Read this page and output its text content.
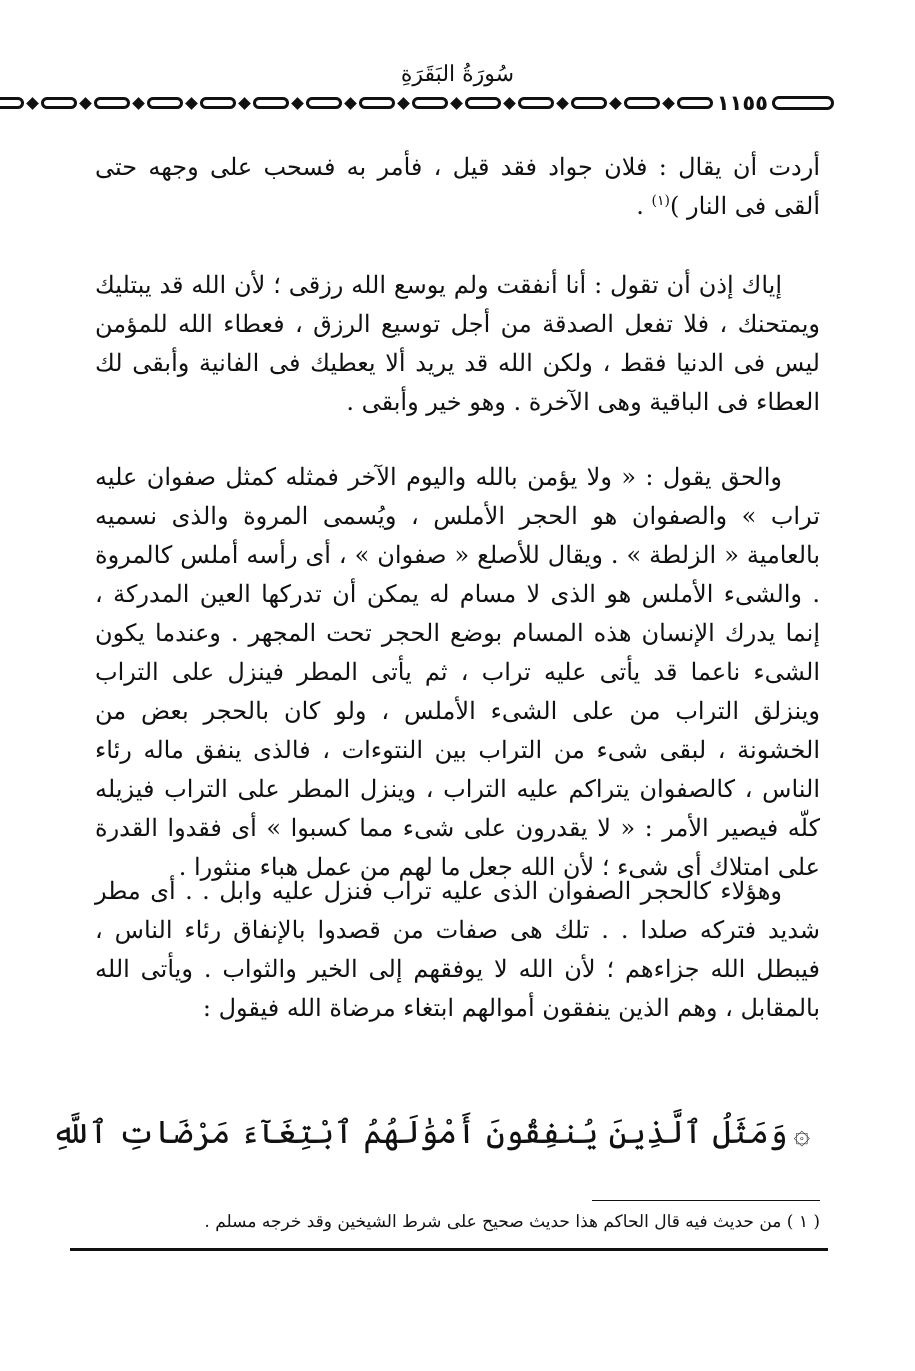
سُورَةُ البَقَرَةِ
١١٥٥

أردت أن يقال : فلان جواد فقد قيل ، فأمر به فسحب على وجهه حتى ألقى فى النار )$^{(١)}$ .

إياك إذن أن تقول : أنا أنفقت ولم يوسع الله رزقى ؛ لأن الله قد يبتليك ويمتحنك ، فلا تفعل الصدقة من أجل توسيع الرزق ، فعطاء الله للمؤمن ليس فى الدنيا فقط ، ولكن الله قد يريد ألا يعطيك فى الفانية وأبقى لك العطاء فى الباقية وهى الآخرة . وهو خير وأبقى .

والحق يقول : « ولا يؤمن بالله واليوم الآخر فمثله كمثل صفوان عليه تراب » والصفوان هو الحجر الأملس ، ويُسمى المروة والذى نسميه بالعامية « الزلطة » . ويقال للأصلع « صفوان » ، أى رأسه أملس كالمروة . والشىء الأملس هو الذى لا مسام له يمكن أن تدركها العين المدركة ، إنما يدرك الإنسان هذه المسام بوضع الحجر تحت المجهر . وعندما يكون الشىء ناعما قد يأتى عليه تراب ، ثم يأتى المطر فينزل على التراب وينزلق التراب من على الشىء الأملس ، ولو كان بالحجر بعض من الخشونة ، لبقى شىء من التراب بين النتوءات ، فالذى ينفق ماله رئاء الناس ، كالصفوان يتراكم عليه التراب ، وينزل المطر على التراب فيزيله كلّه فيصير الأمر : « لا يقدرون على شىء مما كسبوا » أى فقدوا القدرة على امتلاك أى شىء ؛ لأن الله جعل ما لهم من عمل هباء منثورا .

وهؤلاء كالحجر الصفوان الذى عليه تراب فنزل عليه وابل . . أى مطر شديد فتركه صلدا . . تلك هى صفات من قصدوا بالإنفاق رئاء الناس ، فيبطل الله جزاءهم ؛ لأن الله لا يوفقهم إلى الخير والثواب . ويأتى الله بالمقابل ، وهم الذين ينفقون أموالهم ابتغاء مرضاة الله فيقول :

۞وَمَثَلُ ٱلَّذِينَ يُنفِقُونَ أَمْوَٰلَهُمُ ٱبْتِغَآءَ مَرْضَاتِ ٱللَّهِ
( ١ ) من حديث فيه قال الحاكم هذا حديث صحيح على شرط الشيخين وقد خرجه مسلم .
